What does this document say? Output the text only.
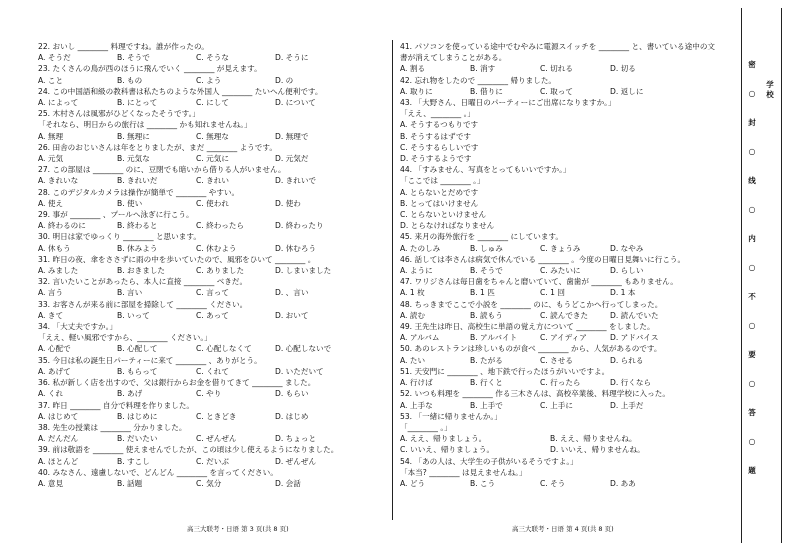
22. おいし ________ 料理ですね。誰が作ったの。
A. そうだ	B. そうで	C. そうな	D. そうに
23. たくさんの鳥が西のほうに飛んでいく ________ が見えます。
A. こと	B. もの	C. よう	D. の
24. この中国語和級の教科書は私たちのような外国人 ________ たいへん便利です。
A. によって	B. にとって	C. にして	D. について
25. 木村さんは風邪がひどくなったそうです。」
「それなら、明日からの旅行は ________ かも知れませんね。」
A. 無理	B. 無理に	C. 無理な	D. 無理で
26. 田舎のおじいさんは年をとりましたが、まだ ________ ようです。
A. 元気	B. 元気な	C. 元気に	D. 元気だ
27. この部屋は ________ のに、豆閉でも暗いから借りる人がいません。
A. きれいな	B. きれいだ	C. きれい	D. きれいで
28. このデジタルカメラは操作が簡単で ________ やすい。
A. 使え	B. 使い	C. 使われ	D. 使わ
29. 事が ________ 、プールへ泳ぎに行こう。
A. 終わるのに	B. 終わると	C. 終わったら	D. 終わったり
30. 明日は家でゆっくり ________ と思います。
A. 休もう	B. 休みよう	C. 休むよう	D. 休むろう
31. 昨日の夜、傘をささずに雨の中を歩いていたので、風邪をひいて ________ 。
A. みました	B. おきました	C. ありました	D. しまいました
32. 言いたいことがあったら、本人に直接 ________ べきだ。
A. 言う	B. 言い	C. 言って	D. 、言い
33. お客さんが来る前に部屋を掃除して ________ ください。
A. きて	B. いって	C. あって	D. おいて
34. 「大丈夫ですか。」
「ええ、軽い風邪ですから、________ ください。」
A. 心配で	B. 心配して	C. 心配しなくて	D. 心配しないで
35. 今日は私の誕生日パーティーに来て ________ 、ありがとう。
A. あげて	B. もらって	C. くれて	D. いただいて
36. 私が新しく店を出すので、父は銀行からお金を借りてきて ________ ました。
A. くれ	B. あげ	C. やり	D. もらい
37. 昨日 ________ 自分で料理を作りました。
A. はじめて	B. はじめに	C. ときどき	D. はじめ
38. 先生の授業は ________ 分かりました。
A. だんだん	B. だいたい	C. ぜんぜん	D. ちょっと
39. 前は敬語を ________ 使えませんでしたが、この頃は少し使えるようになりました。
A. ほとんど	B. すこし	C. だいぶ	D. ぜんぜん
40. みなさん、遠慮しないで、どんどん ________ を言ってください。
A. 意見	B. 話題	C. 気分	D. 会話
41. パソコンを使っている途中でむやみに電源スイッチを ________ と、書いている途中の文
書が消えてしまうことがある。
A. 割る	B. 消す	C. 切れる	D. 切る
42. 忘れ物をしたので ________ 帰りました。
A. 取りに	B. 借りに	C. 取って	D. 返しに
43. 「大野さん、日曜日のパーティーにご出席になりますか。」
「ええ、________ 。」
A. そうするつもりです
B. そうするはずです
C. そうするらしいです
D. そうするようです
44. 「すみません、写真をとってもいいですか。」
「ここでは ________ 。」
A. とらないとだめです
B. とってはいけません
C. とらないといけません
D. とらなければなりません
45. 来月の海外旅行を ________ にしています。
A. たのしみ	B. しゅみ	C. きょうみ	D. なやみ
46. 話しては李さんは病気で休んでいる ________ 。今度の日曜日見舞いに行こう。
A. ように	B. そうで	C. みたいに	D. らしい
47. ワリジさんは毎日歯をちゃんと磨いていて、歯歯が ________ もありません。
A. 1 枚	B. 1 匹	C. 1 回	D. 1 本
48. ちっきまでここで小説を ________ のに、もうどこかへ行ってしまった。
A. 読む	B. 読もう	C. 読んできた	D. 読んでいた
49. 王先生は昨日、高校生に単語の覚え方について ________ をしました。
A. アルバム	B. アルバイト	C. アイディア	D. アドバイス
50. あのレストランは珍しいものが食べ ________ から、人気があるのです。
A. たい	B. たがる	C. させる	D. られる
51. 天安門に ________ 、地下鉄で行ったほうがいいですよ。
A. 行けば	B. 行くと	C. 行ったら	D. 行くなら
52. いつも料理を ________ 作る三木さんは、高校卒業後、料理学校に入った。
A. 上手な	B. 上手で	C. 上手に	D. 上手だ
53. 「一緒に帰りませんか。」
「________ 。」
A. ええ、帰りましょう。	B. ええ、帰りませんね。
C. いいえ、帰りましょう。	D. いいえ、帰りませんね。
54. 「あの人は、大学生の子供がいるそうですよ。」
「本当? ________ は見えませんね。」
A. どう	B. こう	C. そう	D. ああ
高三大联考・日语 第 3 页(共 8 页)	高三大联考・日语 第 4 页(共 8 页)
密
○
封
○
线
○
内
○
不
○
要
○
答
○
题
学
校
